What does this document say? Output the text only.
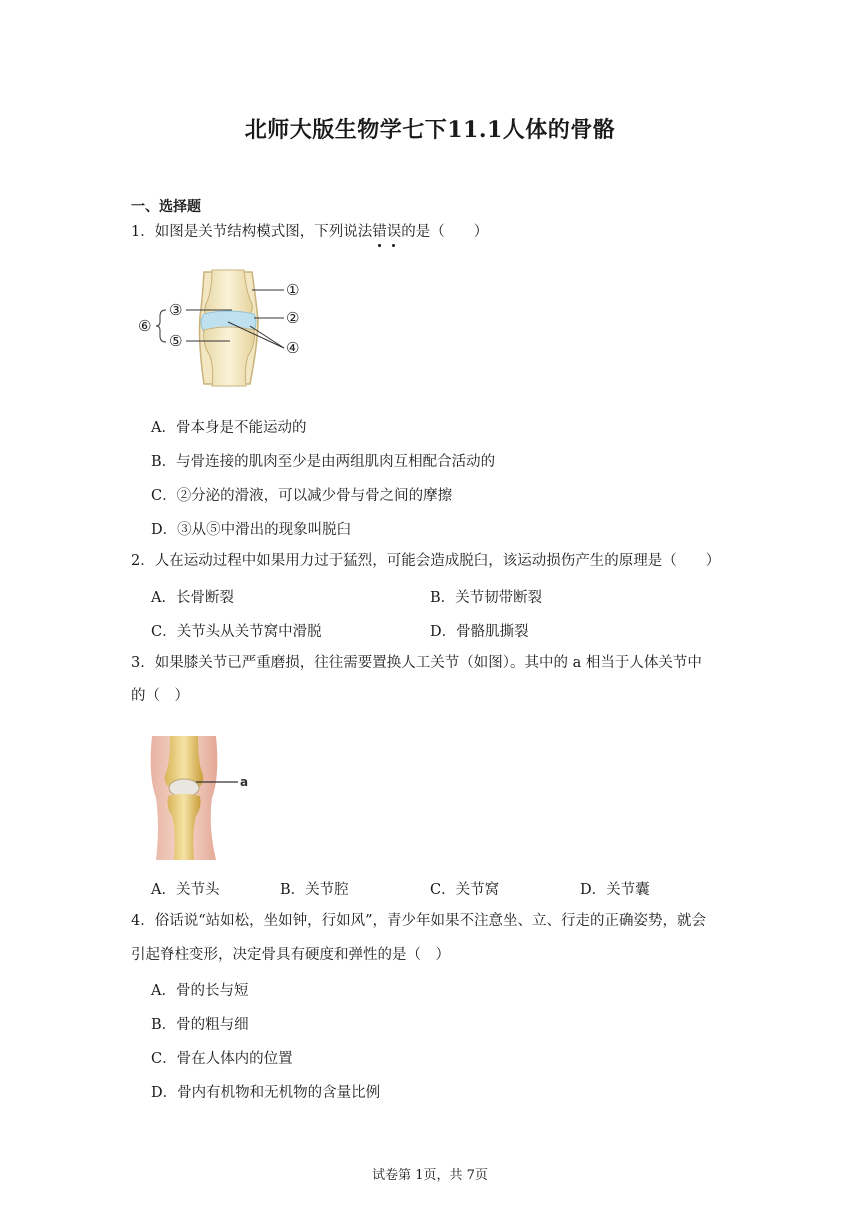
北师大版生物学七下11.1人体的骨骼
一、选择题
1．如图是关节结构模式图，下列说法错误的是（　　）
①
②
③
④
⑤
⑥
A．骨本身是不能运动的
B．与骨连接的肌肉至少是由两组肌肉互相配合活动的
C．②分泌的滑液，可以减少骨与骨之间的摩擦
D．③从⑤中滑出的现象叫脱臼
2．人在运动过程中如果用力过于猛烈，可能会造成脱臼，该运动损伤产生的原理是（　　）
A．长骨断裂	B．关节韧带断裂
C．关节头从关节窝中滑脱	D．骨骼肌撕裂
3．如果膝关节已严重磨损，往往需要置换人工关节（如图）。其中的 a 相当于人体关节中
的（　）
a
A．关节头	B．关节腔	C．关节窝	D．关节囊
4．俗话说“站如松，坐如钟，行如风”，青少年如果不注意坐、立、行走的正确姿势，就会
引起脊柱变形，决定骨具有硬度和弹性的是（　）
A．骨的长与短
B．骨的粗与细
C．骨在人体内的位置
D．骨内有机物和无机物的含量比例
试卷第 1页，共 7页
